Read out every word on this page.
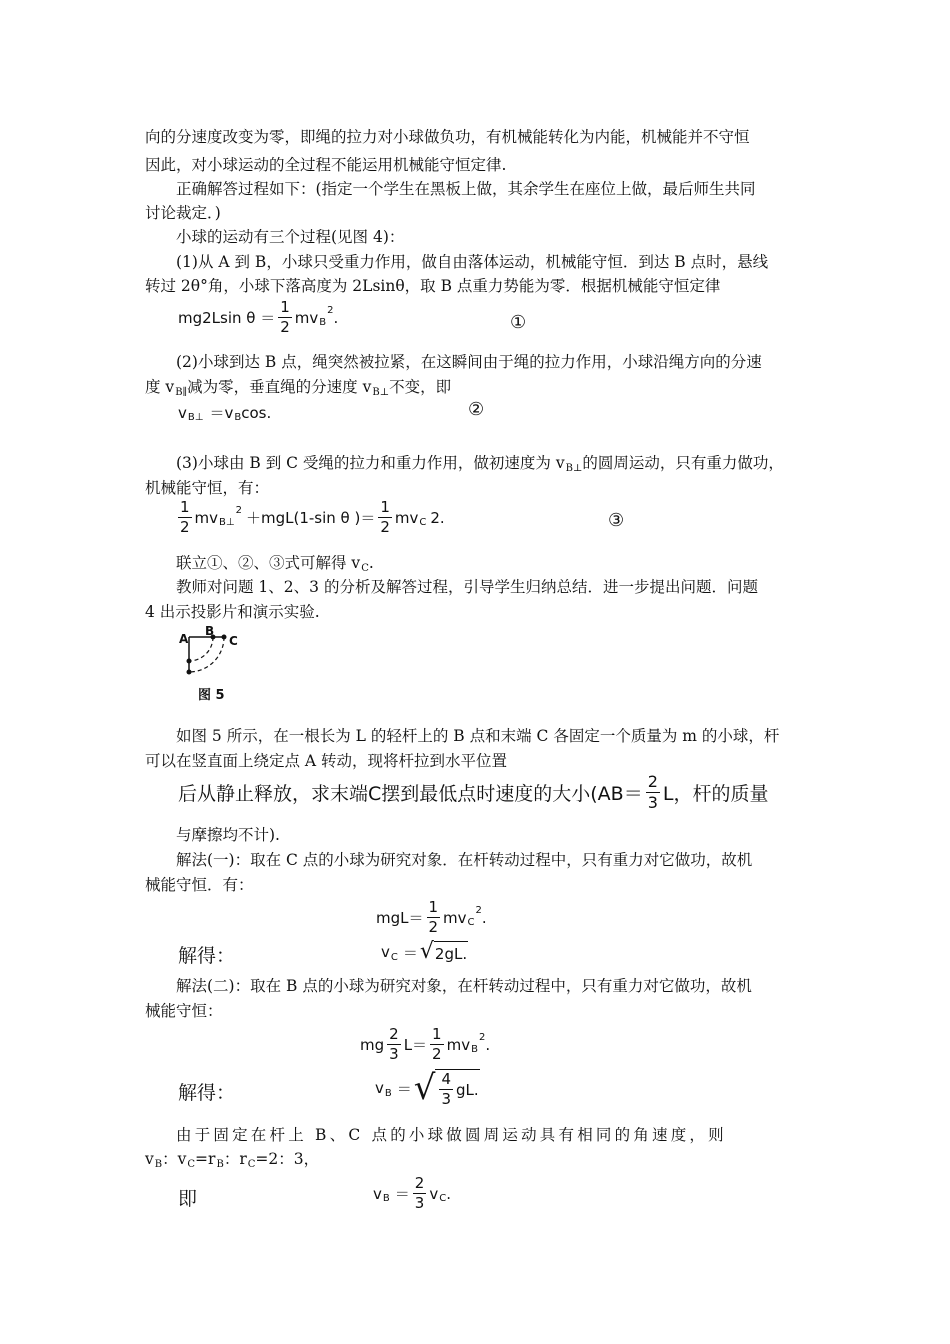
向的分速度改变为零，即绳的拉力对小球做负功，有机械能转化为内能，机械能并不守恒
因此，对小球运动的全过程不能运用机械能守恒定律.
正确解答过程如下：(指定一个学生在黑板上做，其余学生在座位上做，最后师生共同
讨论裁定．)
小球的运动有三个过程(见图 4)：
(1)从 A 到 B，小球只受重力作用，做自由落体运动，机械能守恒．到达 B 点时，悬线
转过 2θ°角，小球下落高度为 2Lsinθ，取 B 点重力势能为零．根据机械能守恒定律
mg2Lsin $\theta = \frac{1}{2}$ mv B
2 .	①
(2)小球到达 B 点，绳突然被拉紧，在这瞬间由于绳的拉力作用，小球沿绳方向的分速
度 vB∥减为零，垂直绳的分速度 vB⊥不变，即
v B⊥ ＝v B cos.	②
(3)小球由 B 到 C 受绳的拉力和重力作用，做初速度为 vB⊥的圆周运动，只有重力做功，
机械能守恒，有：
$\frac{1}{2}$ mv B⊥
2 ＋mgL(1-sin θ )＝ $\frac{1}{2}$ mv C 2.	③
联立①、②、③式可解得 vC.
教师对问题 1、2、3 的分析及解答过程，引导学生归纳总结．进一步提出问题．问题
4 出示投影片和演示实验.
A
B
C
图 5
如图 5 所示，在一根长为 L 的轻杆上的 B 点和末端 C 各固定一个质量为 m 的小球，杆
可以在竖直面上绕定点 A 转动，现将杆拉到水平位置
后从静止释放，求末端C摆到最低点时速度的大小($AB= \frac{2}{3}$ L，杆的质量
与摩擦均不计).
解法(一)：取在 C 点的小球为研究对象．在杆转动过程中，只有重力对它做功，故机
械能守恒．有：
$mgL= \frac{1}{2}$ mv C
2 .
解得：	v C ＝ √ 2gL.
解法(二)：取在 B 点的小球为研究对象，在杆转动过程中，只有重力对它做功，故机
械能守恒：
mg $\frac{2}{3} L= \frac{1}{2}$ mv B
2 .
解得：	v B ＝ √ $\frac{4}{3}$ gL.
由于固定在杆上 B、C 点的小球做圆周运动具有相同的角速度，则
vB：vC=rB：rC=2：3，
即	v $B = \frac{2}{3}$ v C .
